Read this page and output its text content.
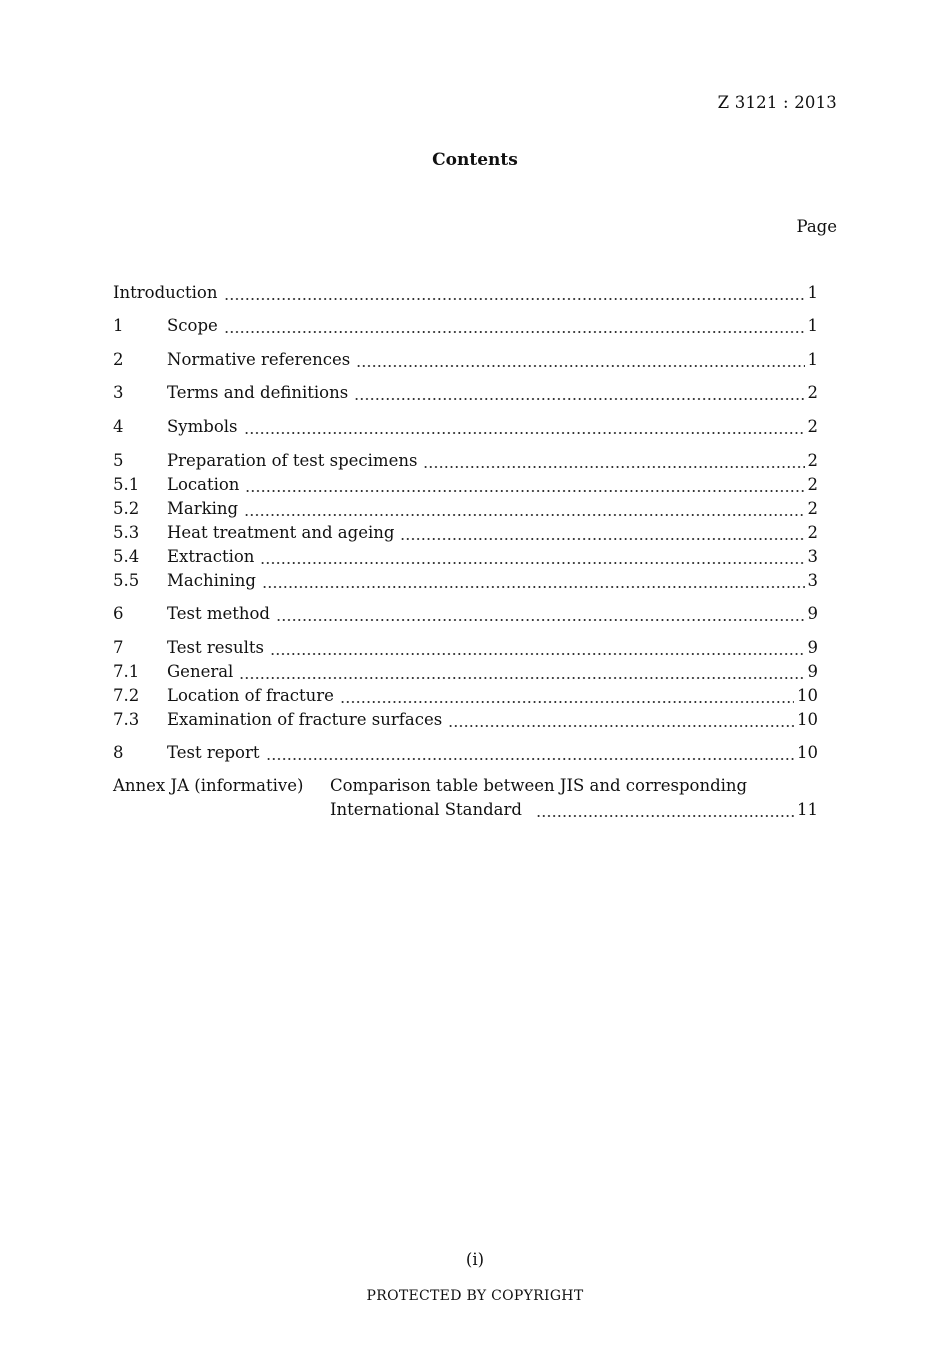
Z 3121 : 2013
Contents
Page
Introduction	1
1	Scope	1
2	Normative references	1
3	Terms and definitions	2
4	Symbols	2
5	Preparation of test specimens	2
5.1	Location	2
5.2	Marking	2
5.3	Heat treatment and ageing	2
5.4	Extraction	3
5.5	Machining	3
6	Test method	9
7	Test results	9
7.1	General	9
7.2	Location of fracture	10
7.3	Examination of fracture surfaces	10
8	Test report	10
Annex JA (informative) Comparison table between JIS and corresponding
International Standard	11
(i)
PROTECTED BY COPYRIGHT
